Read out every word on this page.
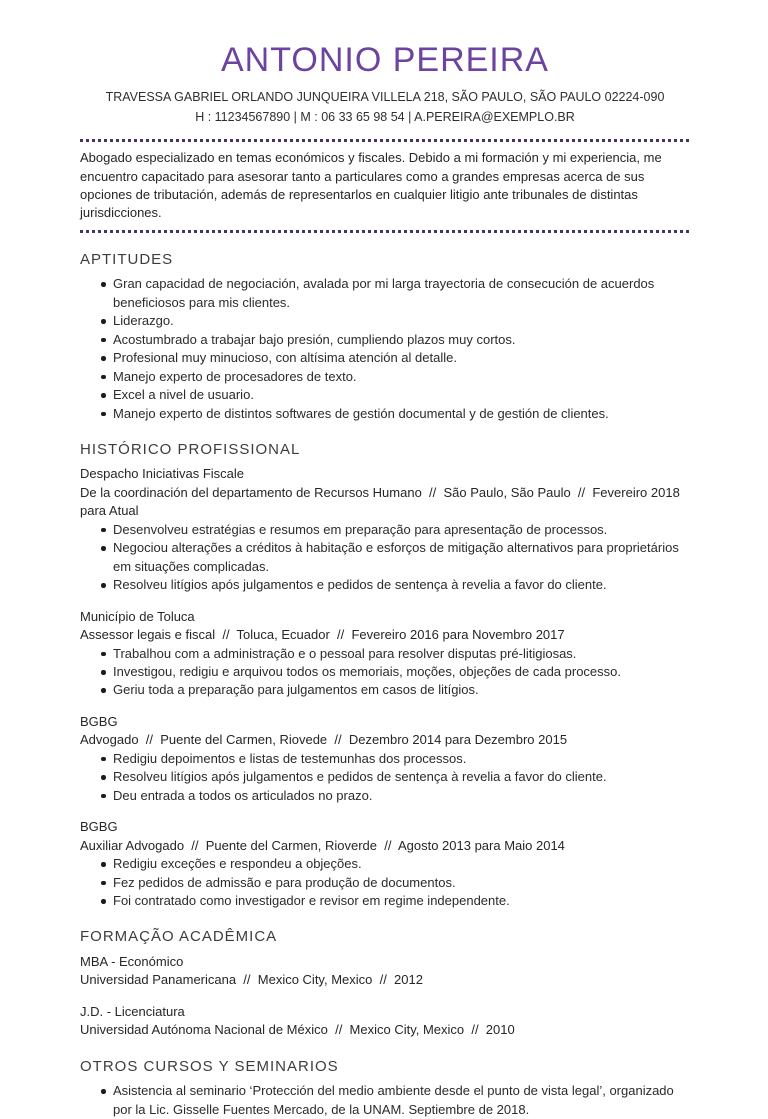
ANTONIO PEREIRA
TRAVESSA GABRIEL ORLANDO JUNQUEIRA VILLELA 218, SÃO PAULO, SÃO PAULO 02224-090
H : 11234567890 | M : 06 33 65 98 54 | A.PEREIRA@EXEMPLO.BR

Abogado especializado en temas económicos y fiscales. Debido a mi formación y mi experiencia, me encuentro capacitado para asesorar tanto a particulares como a grandes empresas acerca de sus opciones de tributación, además de representarlos en cualquier litigio ante tribunales de distintas jurisdicciones.

APTITUDES
Gran capacidad de negociación, avalada por mi larga trayectoria de consecución de acuerdos beneficiosos para mis clientes.
Liderazgo.
Acostumbrado a trabajar bajo presión, cumpliendo plazos muy cortos.
Profesional muy minucioso, con altísima atención al detalle.
Manejo experto de procesadores de texto.
Excel a nivel de usuario.
Manejo experto de distintos softwares de gestión documental y de gestión de clientes.
HISTÓRICO PROFISSIONAL
Despacho Iniciativas Fiscale
De la coordinación del departamento de Recursos Humano  //  São Paulo, São Paulo  //  Fevereiro 2018 para Atual
Desenvolveu estratégias e resumos em preparação para apresentação de processos.
Negociou alterações a créditos à habitação e esforços de mitigação alternativos para proprietários em situações complicadas.
Resolveu litígios após julgamentos e pedidos de sentença à revelia a favor do cliente.
Município de Toluca
Assessor legais e fiscal  //  Toluca, Ecuador  //  Fevereiro 2016 para Novembro 2017
Trabalhou com a administração e o pessoal para resolver disputas pré-litigiosas.
Investigou, redigiu e arquivou todos os memoriais, moções, objeções de cada processo.
Geriu toda a preparação para julgamentos em casos de litígios.
BGBG
Advogado  //  Puente del Carmen, Riovede  //  Dezembro 2014 para Dezembro 2015
Redigiu depoimentos e listas de testemunhas dos processos.
Resolveu litígios após julgamentos e pedidos de sentença à revelia a favor do cliente.
Deu entrada a todos os articulados no prazo.
BGBG
Auxiliar Advogado  //  Puente del Carmen, Rioverde  //  Agosto 2013 para Maio 2014
Redigiu exceções e respondeu a objeções.
Fez pedidos de admissão e para produção de documentos.
Foi contratado como investigador e revisor em regime independente.
FORMAÇÃO ACADÊMICA
MBA - Económico
Universidad Panamericana  //  Mexico City, Mexico  //  2012
J.D. - Licenciatura
Universidad Autónoma Nacional de México  //  Mexico City, Mexico  //  2010
OTROS CURSOS Y SEMINARIOS
Asistencia al seminario ‘Protección del medio ambiente desde el punto de vista legal’, organizado por la Lic. Gisselle Fuentes Mercado, de la UNAM. Septiembre de 2018.
